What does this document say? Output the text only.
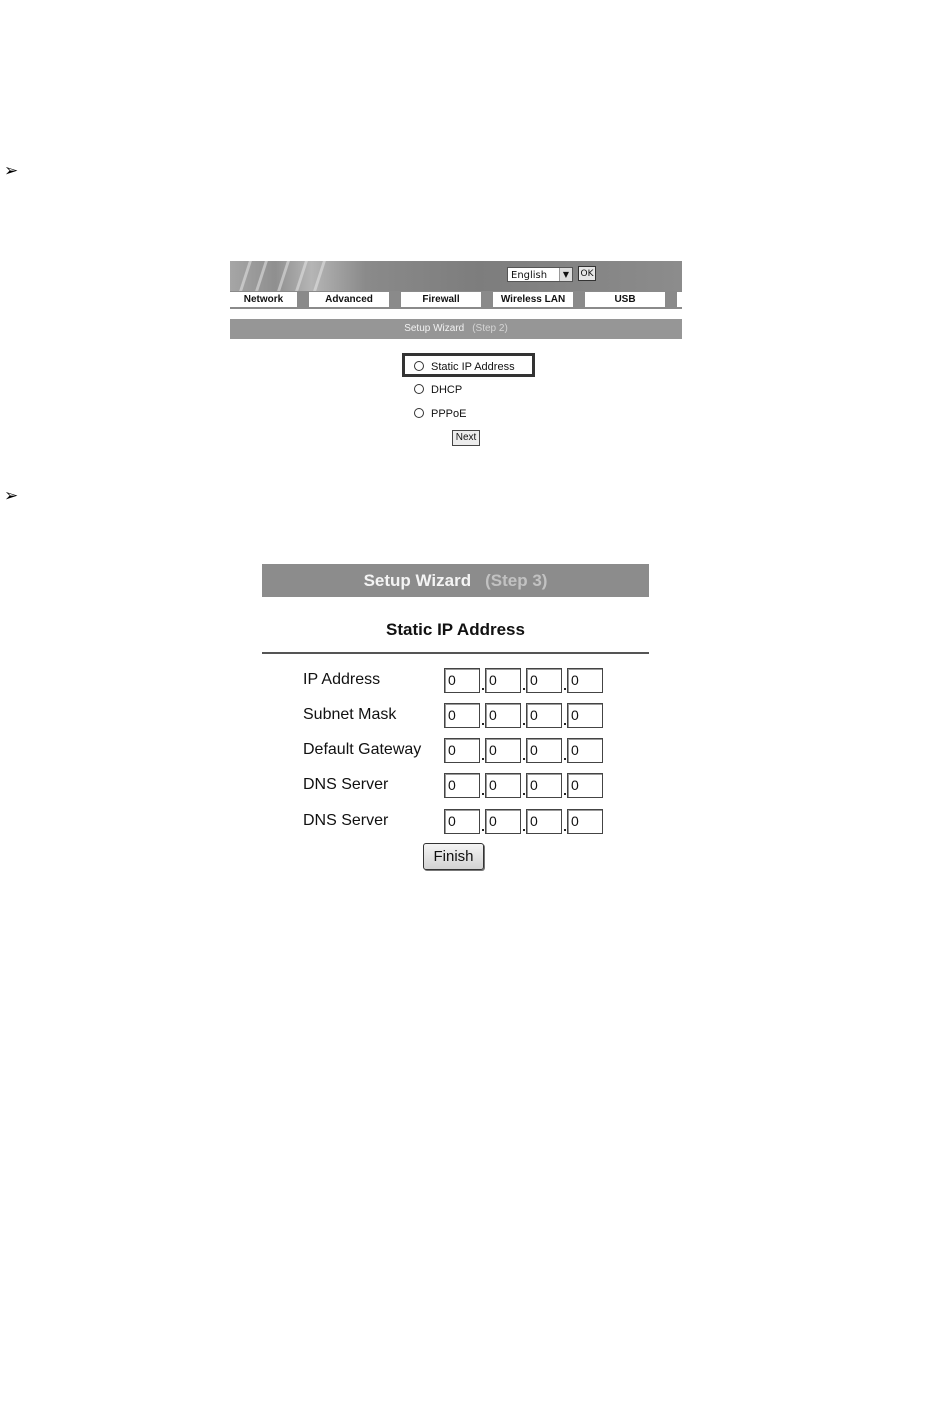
➢
➢
English	▼	OK
Network	Advanced	Firewall	Wireless LAN	USB
Setup Wizard (Step 2)
Static IP Address
DHCP
PPPoE
Next
Setup Wizard (Step 3)
Static IP Address
IP Address	0	0	0	0
Subnet Mask	0	0	0	0
Default Gateway 0	0	0	0
DNS Server	0	0	0	0
DNS Server	0	0	0	0
Finish
